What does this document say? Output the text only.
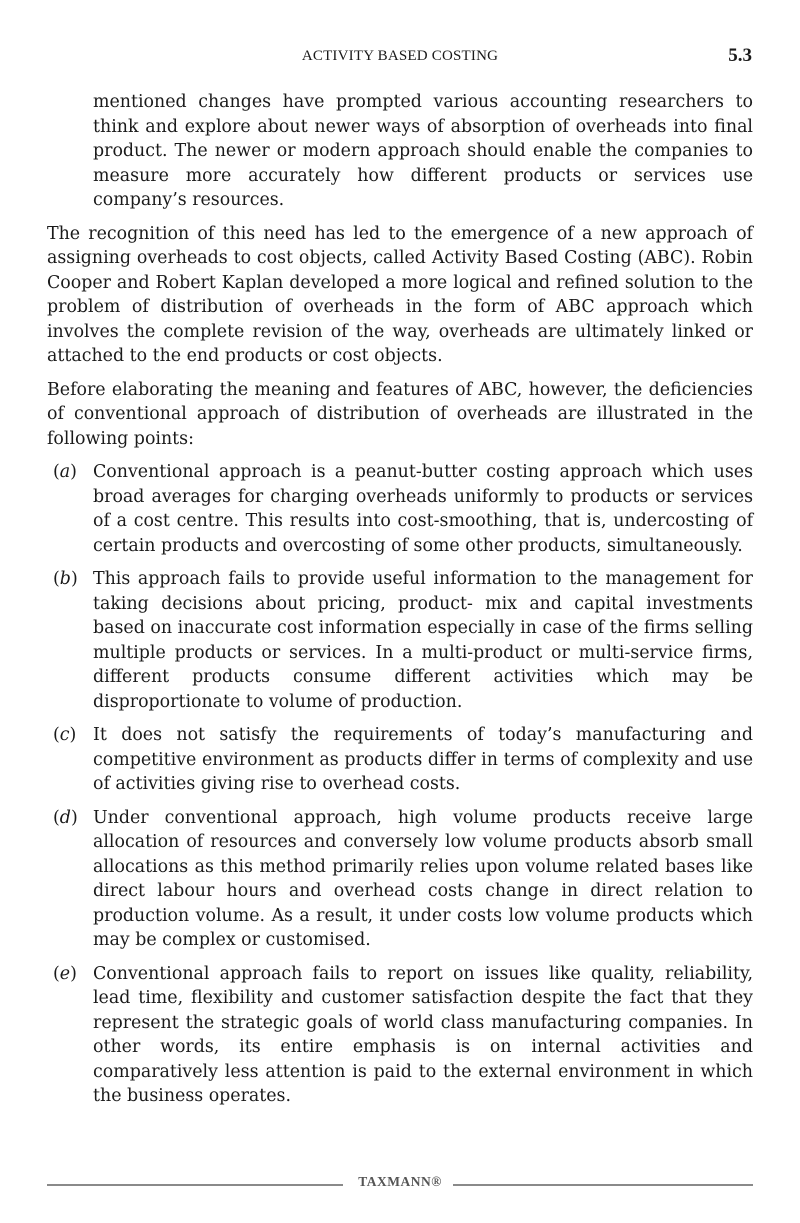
ACTIVITY BASED COSTING	5.3

mentioned changes have prompted various accounting researchers to think and explore about newer ways of absorption of overheads into final product. The newer or modern approach should enable the companies to measure more accurately how different products or services use company’s resources.

The recognition of this need has led to the emergence of a new approach of assigning overheads to cost objects, called Activity Based Costing (ABC). Robin Cooper and Robert Kaplan developed a more logical and refined solution to the problem of distribution of overheads in the form of ABC approach which involves the complete revision of the way, overheads are ultimately linked or attached to the end products or cost objects.

Before elaborating the meaning and features of ABC, however, the deficiencies of conventional approach of distribution of overheads are illustrated in the following points:

(a) Conventional approach is a peanut-butter costing approach which uses broad averages for charging overheads uniformly to products or services of a cost centre. This results into cost-smoothing, that is, undercosting of certain products and overcosting of some other products, simultaneously.
(b) This approach fails to provide useful information to the management for taking decisions about pricing, product- mix and capital investments based on inaccurate cost information especially in case of the firms selling multiple products or services. In a multi-product or multi-service firms, different products consume different activities which may be disproportionate to volume of production.
(c) It does not satisfy the requirements of today’s manufacturing and competitive environment as products differ in terms of complexity and use of activities giving rise to overhead costs.
(d) Under conventional approach, high volume products receive large allocation of resources and conversely low volume products absorb small allocations as this method primarily relies upon volume related bases like direct labour hours and overhead costs change in direct relation to production volume. As a result, it under costs low volume products which may be complex or customised.
(e) Conventional approach fails to report on issues like quality, reliability, lead time, flexibility and customer satisfaction despite the fact that they represent the strategic goals of world class manufacturing companies. In other words, its entire emphasis is on internal activities and comparatively less attention is paid to the external environment in which the business operates.
TAXMANN®
